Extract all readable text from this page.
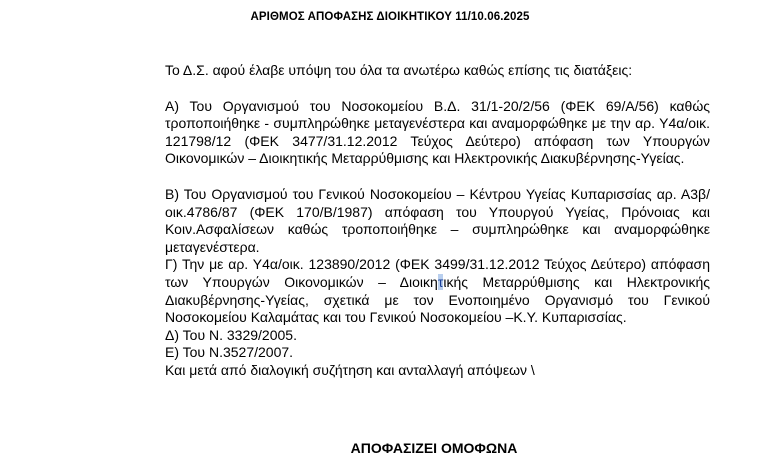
ΑΡΙΘΜΟΣ ΑΠΟΦΑΣΗΣ ΔΙΟΙΚΗΤΙΚΟΥ 11/10.06.2025

Το Δ.Σ. αφού έλαβε υπόψη του όλα τα ανωτέρω καθώς επίσης τις διατάξεις:

Α) Του Οργανισμού του Νοσοκομείου Β.Δ. 31/1-20/2/56 (ΦΕΚ 69/Α/56) καθώς τροποποιήθηκε - συμπληρώθηκε μεταγενέστερα και αναμορφώθηκε με την αρ. Υ4α/οικ. 121798/12 (ΦΕΚ 3477/31.12.2012 Τεύχος Δεύτερο) απόφαση των Υπουργών Οικονομικών – Διοικητικής Μεταρρύθμισης και Ηλεκτρονικής Διακυβέρνησης-Υγείας.

Β) Του Οργανισμού του Γενικού Νοσοκομείου – Κέντρου Υγείας Κυπαρισσίας αρ. Α3β/οικ.4786/87 (ΦΕΚ 170/Β/1987) απόφαση του Υπουργού Υγείας, Πρόνοιας και Κοιν.Ασφαλίσεων καθώς τροποποιήθηκε – συμπληρώθηκε και αναμορφώθηκε μεταγενέστερα.

Γ) Την με αρ. Υ4α/οικ. 123890/2012 (ΦΕΚ 3499/31.12.2012 Τεύχος Δεύτερο) απόφαση των Υπουργών Οικονομικών – Διοικητικής Μεταρρύθμισης και Ηλεκτρονικής Διακυβέρνησης-Υγείας, σχετικά με τον Ενοποιημένο Οργανισμό του Γενικού Νοσοκομείου Καλαμάτας και του Γενικού Νοσοκομείου –Κ.Υ. Κυπαρισσίας.

Δ) Του Ν. 3329/2005.

Ε) Του Ν.3527/2007.

Και μετά από διαλογική συζήτηση και ανταλλαγή απόψεων \

ΑΠΟΦΑΣΙΖΕΙ ΟΜΟΦΩΝΑ
